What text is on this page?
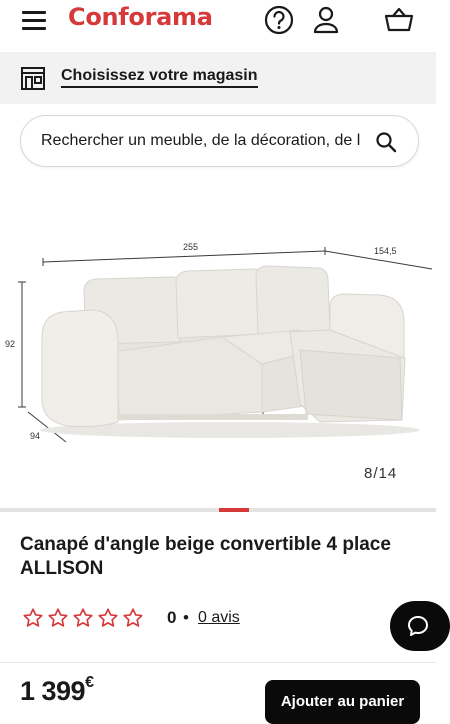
Conforama
Choisissez votre magasin
Rechercher un meuble, de la décoration, de l
255	154,5
92
94
8/14
Canapé d'angle beige convertible 4 place ALLISON
0 • 0 avis
1 399€
Ajouter au panier
